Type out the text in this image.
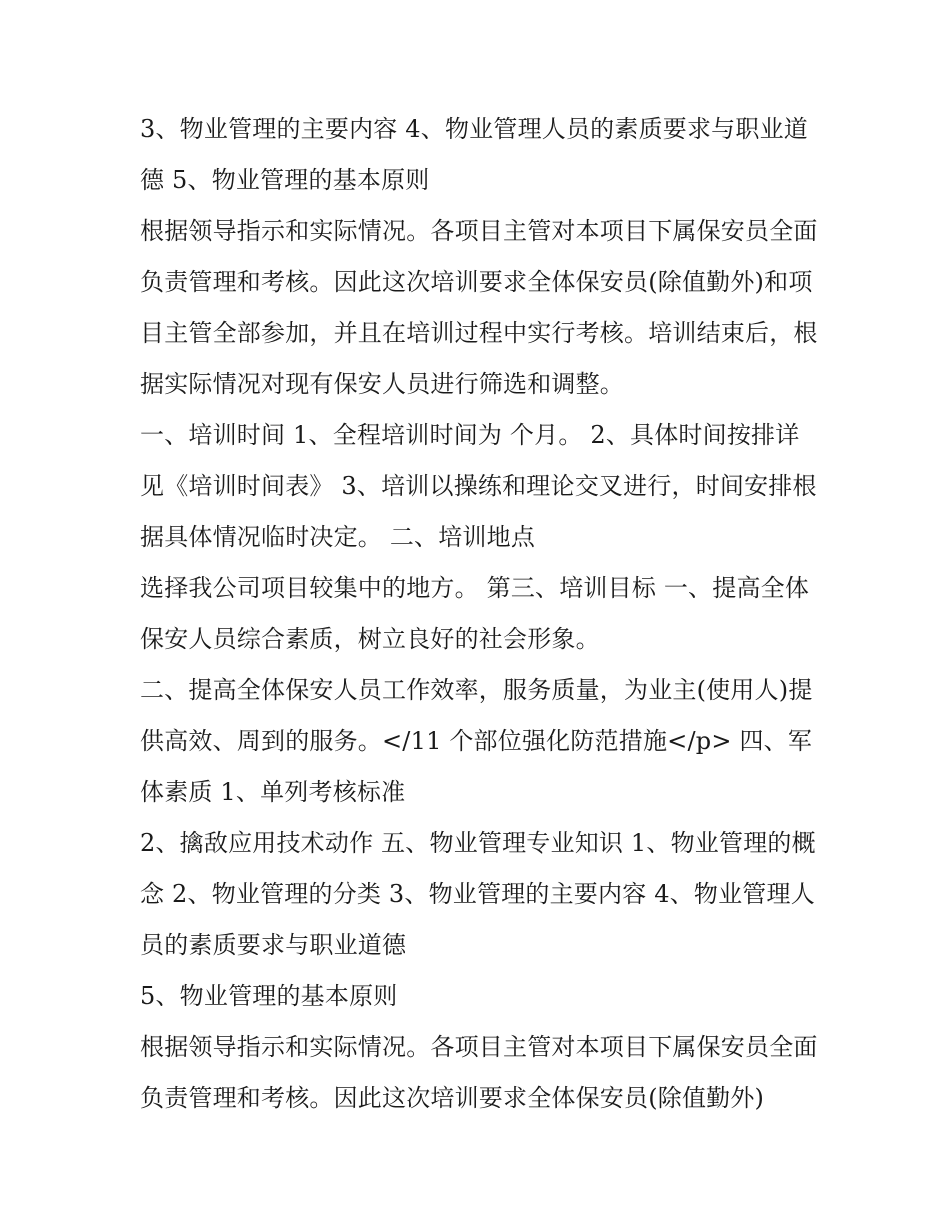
3、物业管理的主要内容 4、物业管理人员的素质要求与职业道德 5、物业管理的基本原则

根据领导指示和实际情况。各项目主管对本项目下属保安员全面负责管理和考核。因此这次培训要求全体保安员(除值勤外)和项目主管全部参加，并且在培训过程中实行考核。培训结束后，根据实际情况对现有保安人员进行筛选和调整。

一、培训时间 1、全程培训时间为 个月。 2、具体时间按排详见《培训时间表》 3、培训以操练和理论交叉进行，时间安排根据具体情况临时决定。 二、培训地点

选择我公司项目较集中的地方。 第三、培训目标 一、提高全体保安人员综合素质，树立良好的社会形象。

二、提高全体保安人员工作效率，服务质量，为业主(使用人)提供高效、周到的服务。</11 个部位强化防范措施</p> 四、军体素质 1、单列考核标准

2、擒敌应用技术动作 五、物业管理专业知识 1、物业管理的概念 2、物业管理的分类 3、物业管理的主要内容 4、物业管理人员的素质要求与职业道德

5、物业管理的基本原则

根据领导指示和实际情况。各项目主管对本项目下属保安员全面负责管理和考核。因此这次培训要求全体保安员(除值勤外)
